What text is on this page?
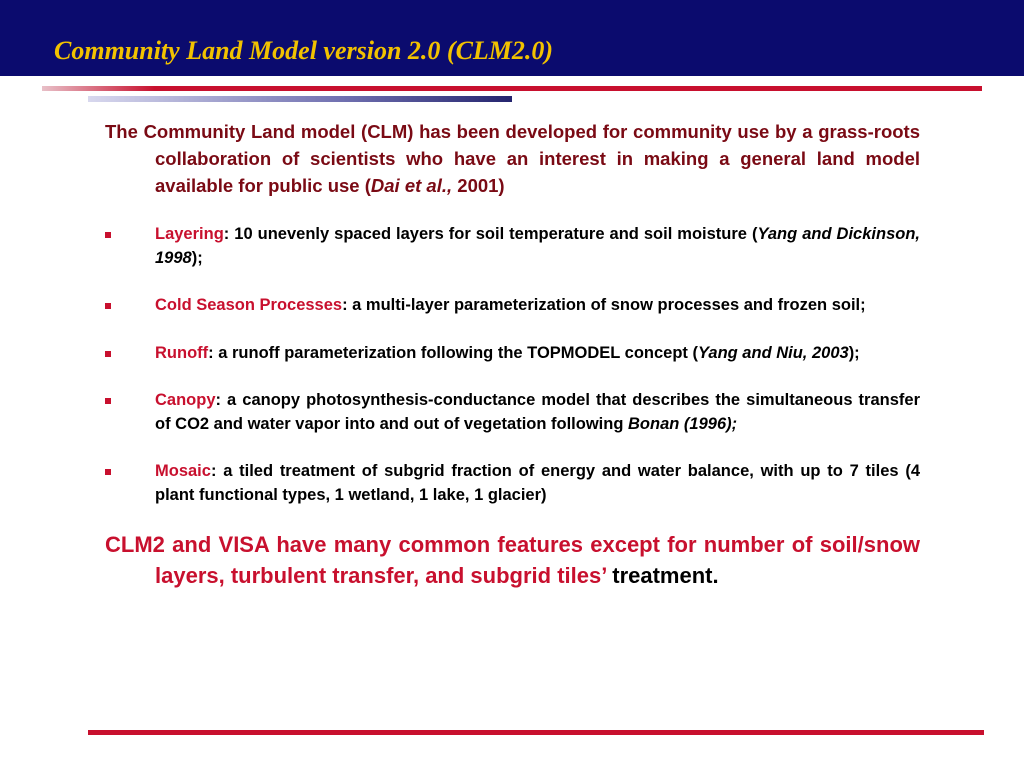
Community Land Model version 2.0 (CLM2.0)

The Community Land model (CLM) has been developed for community use by a grass-roots collaboration of scientists who have an interest in making a general land model available for public use (Dai et al., 2001)

Layering: 10 unevenly spaced layers for soil temperature and soil moisture (Yang and Dickinson, 1998);
Cold Season Processes: a multi-layer parameterization of snow processes and frozen soil;
Runoff: a runoff parameterization following the TOPMODEL concept (Yang and Niu, 2003);
Canopy: a canopy photosynthesis-conductance model that describes the simultaneous transfer of CO2 and water vapor into and out of vegetation following Bonan (1996);
Mosaic: a tiled treatment of subgrid fraction of energy and water balance, with up to 7 tiles (4 plant functional types, 1 wetland, 1 lake, 1 glacier)

CLM2 and VISA have many common features except for number of soil/snow layers, turbulent transfer, and subgrid tiles’ treatment.
